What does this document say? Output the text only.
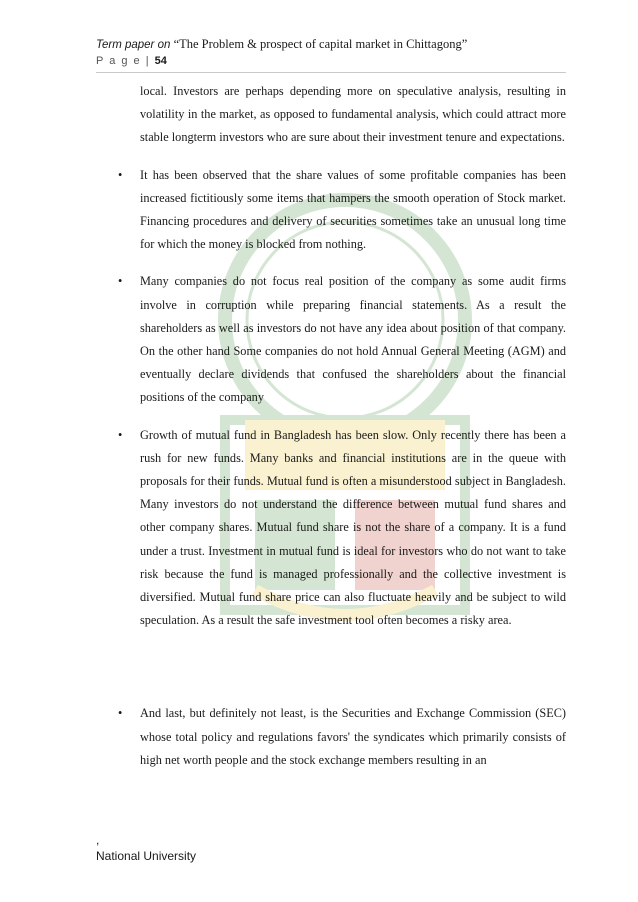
Term paper on “The Problem & prospect of capital market in Chittagong”
P a g e | 54
local. Investors are perhaps depending more on speculative analysis, resulting in volatility in the market, as opposed to fundamental analysis, which could attract more stable longterm investors who are sure about their investment tenure and expectations.
•	It has been observed that the share values of some profitable companies has been increased fictitiously some items that hampers the smooth operation of Stock market. Financing procedures and delivery of securities sometimes take an unusual long time for which the money is blocked from nothing.
•	Many companies do not focus real position of the company as some audit firms involve in corruption while preparing financial statements. As a result the shareholders as well as investors do not have any idea about position of that company. On the other hand Some companies do not hold Annual General Meeting (AGM) and eventually declare dividends that confused the shareholders about the financial positions of the company
•	Growth of mutual fund in Bangladesh has been slow. Only recently there has been a rush for new funds. Many banks and financial institutions are in the queue with proposals for their funds. Mutual fund is often a misunderstood subject in Bangladesh. Many investors do not understand the difference between mutual fund shares and other company shares. Mutual fund share is not the share of a company. It is a fund under a trust. Investment in mutual fund is ideal for investors who do not want to take risk because the fund is managed professionally and the collective investment is diversified. Mutual fund share price can also fluctuate heavily and be subject to wild speculation. As a result the safe investment tool often becomes a risky area.
•	And last, but definitely not least, is the Securities and Exchange Commission (SEC) whose total policy and regulations favors' the syndicates which primarily consists of high net worth people and the stock exchange members resulting in an
,
National University
